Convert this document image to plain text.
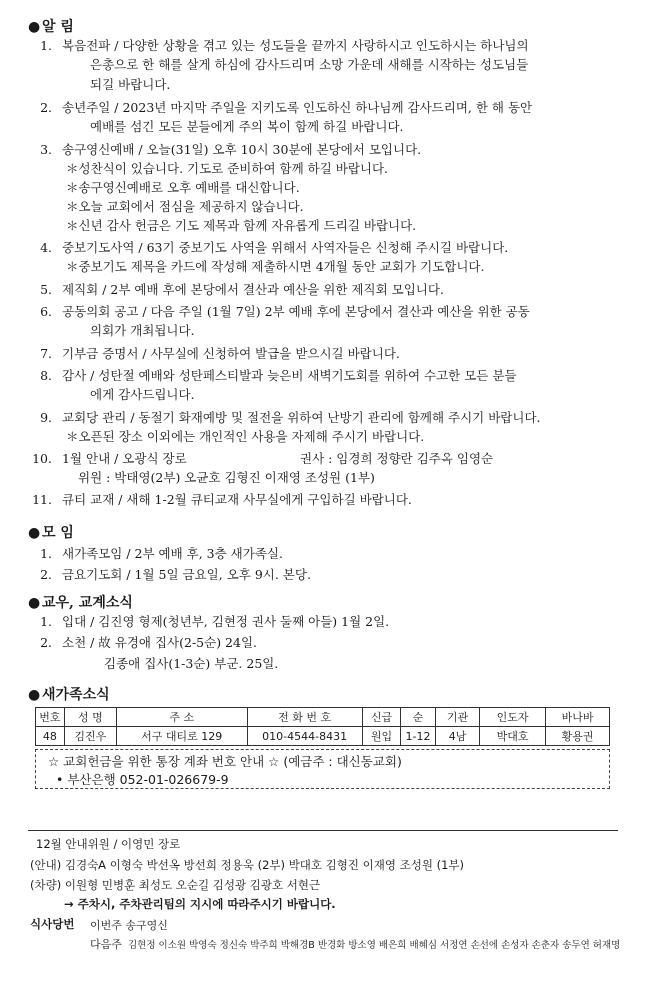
● 알 림
1. 복음전파 / 다양한 상황을 겪고 있는 성도들을 끝까지 사랑하시고 인도하시는 하나님의
은총으로 한 해를 살게 하심에 감사드리며 소망 가운데 새해를 시작하는 성도님들
되길 바랍니다.
2. 송년주일 / 2023년 마지막 주일을 지키도록 인도하신 하나님께 감사드리며, 한 해 동안
예배를 섬긴 모든 분들에게 주의 복이 함께 하길 바랍니다.
3. 송구영신예배 / 오늘(31일) 오후 10시 30분에 본당에서 모입니다.
＊성찬식이 있습니다. 기도로 준비하여 함께 하길 바랍니다.
＊송구영신예배로 오후 예배를 대신합니다.
＊오늘 교회에서 점심을 제공하지 않습니다.
＊신년 감사 헌금은 기도 제목과 함께 자유롭게 드리길 바랍니다.
4. 중보기도사역 / 63기 중보기도 사역을 위해서 사역자들은 신청해 주시길 바랍니다.
＊중보기도 제목을 카드에 작성해 제출하시면 4개월 동안 교회가 기도합니다.
5. 제직회 / 2부 예배 후에 본당에서 결산과 예산을 위한 제직회 모입니다.
6. 공동의회 공고 / 다음 주일 (1월 7일) 2부 예배 후에 본당에서 결산과 예산을 위한 공동
의회가 개최됩니다.
7. 기부금 증명서 / 사무실에 신청하여 발급을 받으시길 바랍니다.
8. 감사 / 성탄절 예배와 성탄페스티발과 늦은비 새벽기도회를 위하여 수고한 모든 분들
에게 감사드립니다.
9. 교회당 관리 / 동절기 화재예방 및 절전을 위하여 난방기 관리에 함께해 주시기 바랍니다.
＊오픈된 장소 이외에는 개인적인 사용을 자제해 주시기 바랍니다.
10. 1월 안내 / 오광식 장로	권사 : 임경희 정향란 김주옥 임영순
위원 : 박태영(2부) 오균호 김형진 이재영 조성원 (1부)
11. 큐티 교재 / 새해 1-2월 큐티교재 사무실에게 구입하길 바랍니다.
● 모 임
1. 새가족모임 / 2부 예배 후, 3층 새가족실.
2. 금요기도회 / 1월 5일 금요일, 오후 9시. 본당.
● 교우, 교계소식
1. 입대 / 김진영 형제(청년부, 김현정 권사 둘째 아들) 1월 2일.
2. 소천 / 故 유경애 집사(2-5순) 24일.
김종애 집사(1-3순) 부군. 25일.
● 새가족소식
번호	성 명	주 소	전 화 번 호	신급	순	기관	인도자	바나바
48	김진우	서구 대티로 129	010-4544-8431	원입	1-12	4남	박대호	황용권
☆ 교회헌금을 위한 통장 계좌 번호 안내 ☆ (예금주 : 대신동교회)
• 부산은행 052-01-026679-9
12월 안내위원 / 이영민 장로
(안내) 김경숙A 이형숙 박선옥 방선희 정용욱 (2부) 박대호 김형진 이재영 조성원 (1부)
(차량) 이원형 민병훈 최성도 오순길 김성광 김광호 서현근
→ 주차시, 주차관리팀의 지시에 따라주시기 바랍니다.
식사당번 이번주 송구영신
다음주 김현정 이소원 박영숙 정신숙 박주희 박해경B 반경화 방소영 배은희 배혜심 서정연 손선에 손성자 손춘자 송두연 허재명
